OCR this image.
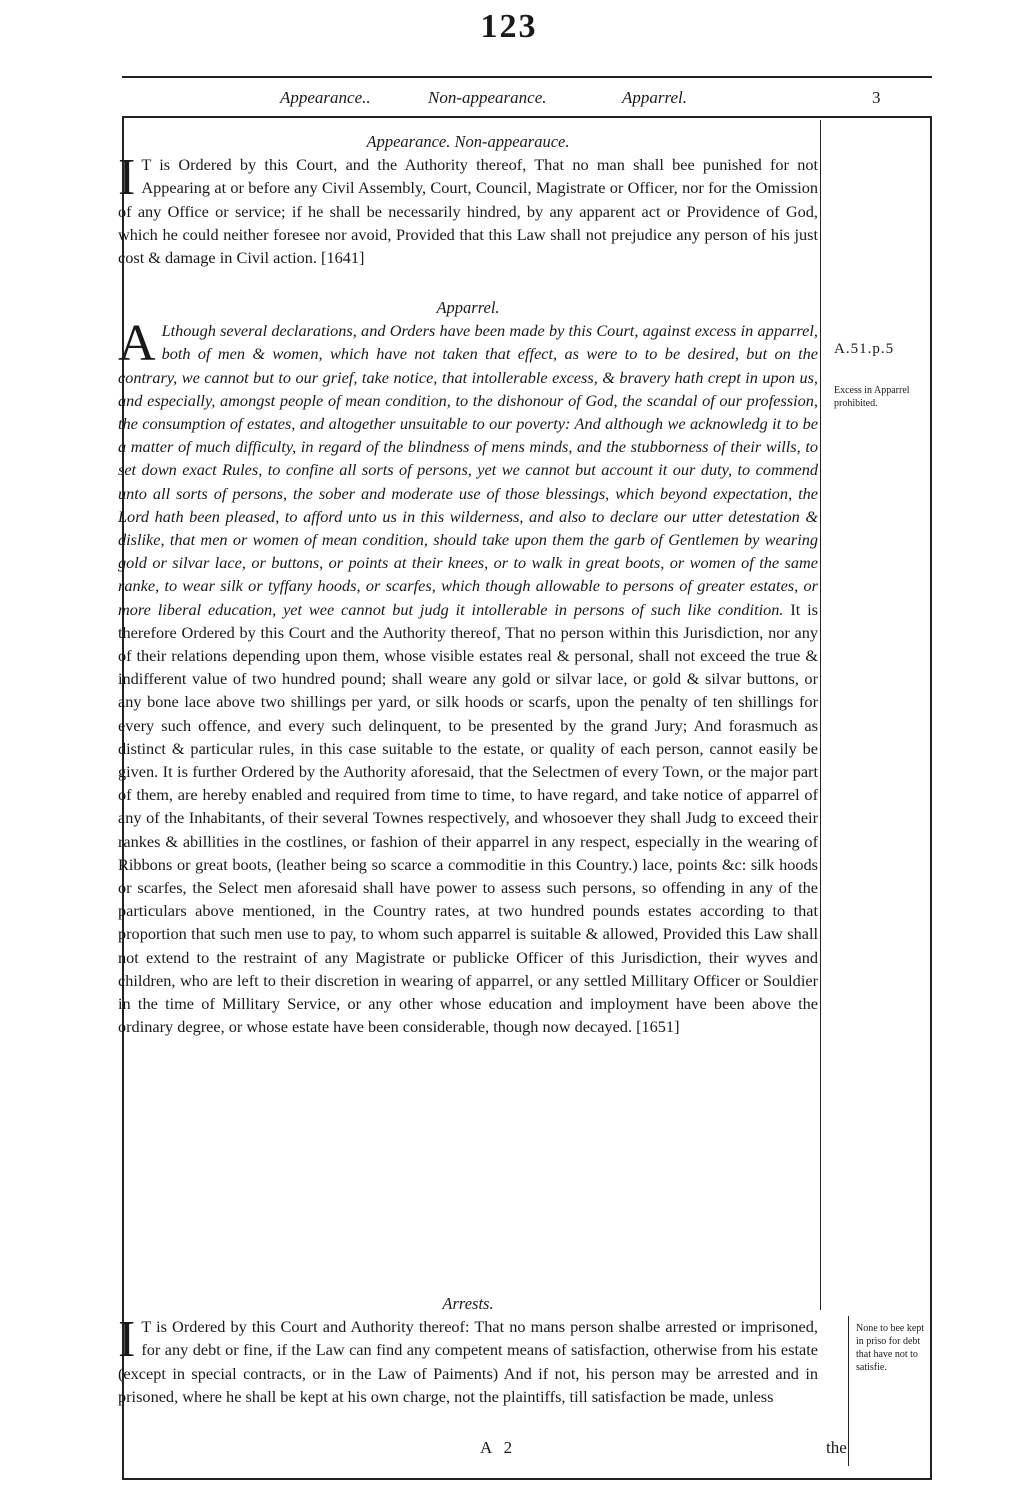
123
Appearance..	Non-appearance.	Apparrel.	3
Appearance. Non-appearauce.

I T is Ordered by this Court, and the Authority thereof, That no man shall bee punished for not Appearing at or before any Civil Assembly, Court, Council, Magistrate or Officer, nor for the Omission of any Office or service; if he shall be necessarily hindred, by any apparent act or Providence of God, which he could neither foresee nor avoid, Provided that this Law shall not prejudice any person of his just cost & damage in Civil action. [1641]

Apparrel.

A Lthough several declarations, and Orders have been made by this Court, against excess in apparrel, both of men & women, which have not taken that effect, as were to to be desired, but on the contrary, we cannot but to our grief, take notice, that intollerable excess, & bravery hath crept in upon us, and especially, amongst people of mean condition, to the dishonour of God, the scandal of our profession, the consumption of estates, and altogether unsuitable to our poverty: And although we acknowledg it to be a matter of much difficulty, in regard of the blindness of mens minds, and the stubborness of their wills, to set down exact Rules, to confine all sorts of persons, yet we cannot but account it our duty, to commend unto all sorts of persons, the sober and moderate use of those blessings, which beyond expectation, the Lord hath been pleased, to afford unto us in this wilderness, and also to declare our utter detestation & dislike, that men or women of mean condition, should take upon them the garb of Gentlemen by wearing gold or silvar lace, or buttons, or points at their knees, or to walk in great boots, or women of the same ranke, to wear silk or tyffany hoods, or scarfes, which though allowable to persons of greater estates, or more liberal education, yet wee cannot but judg it intollerable in persons of such like condition. It is therefore Ordered by this Court and the Authority thereof, That no person within this Jurisdiction, nor any of their relations depending upon them, whose visible estates real & personal, shall not exceed the true & indifferent value of two hundred pound; shall weare any gold or silvar lace, or gold & silvar buttons, or any bone lace above two shillings per yard, or silk hoods or scarfs, upon the penalty of ten shillings for every such offence, and every such delinquent, to be presented by the grand Jury; And forasmuch as distinct & particular rules, in this case suitable to the estate, or quality of each person, cannot easily be given. It is further Ordered by the Authority aforesaid, that the Selectmen of every Town, or the major part of them, are hereby enabled and required from time to time, to have regard, and take notice of apparrel of any of the Inhabitants, of their several Townes respectively, and whosoever they shall Judg to exceed their rankes & abillities in the costlines, or fashion of their apparrel in any respect, especially in the wearing of Ribbons or great boots, (leather being so scarce a commoditie in this Country.) lace, points &c: silk hoods or scarfes, the Select men aforesaid shall have power to assess such persons, so offending in any of the particulars above mentioned, in the Country rates, at two hundred pounds estates according to that proportion that such men use to pay, to whom such apparrel is suitable & allowed, Provided this Law shall not extend to the restraint of any Magistrate or publicke Officer of this Jurisdiction, their wyves and children, who are left to their discretion in wearing of apparrel, or any settled Millitary Officer or Souldier in the time of Millitary Service, or any other whose education and imployment have been above the ordinary degree, or whose estate have been considerable, though now decayed. [1651]

Arrests.

I T is Ordered by this Court and Authority thereof: That no mans person shalbe arrested or imprisoned, for any debt or fine, if the Law can find any competent means of satisfaction, otherwise from his estate (except in special contracts, or in the Law of Paiments) And if not, his person may be arrested and in prisoned, where he shall be kept at his own charge, not the plaintiffs, till satisfaction be made, unless

A.51.p.5
Excess in Apparrel prohibited.
None to bee kept in priso for debt that have not to satisfie.
A 2	the
